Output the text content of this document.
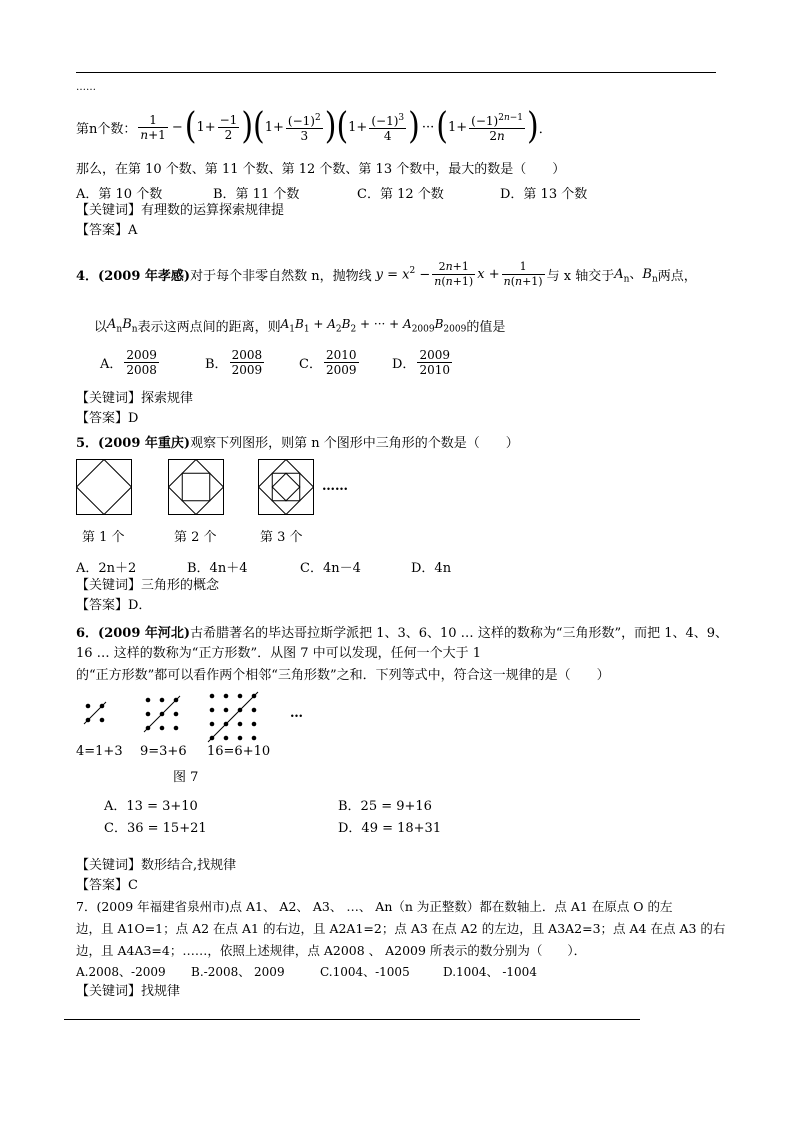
……
第n个数： $\frac{1}{n+1}$ − ( $1+ \frac{-1}{2}$ ) ( $1+ \frac{(-1)^2}{3}$ ) ( $1+ \frac{(-1)^3}{4}$ ) ··· ( $1+ \frac{(-1)^{2n-1}}{2n}$ ) ．
那么，在第 10 个数、第 11 个数、第 12 个数、第 13 个数中，最大的数是（　　）
A．第 10 个数	B．第 11 个数	C．第 12 个数	D．第 13 个数
【关键词】有理数的运算探索规律提
【答案】A
4．(2009 年孝感) 对于每个非零自然数 n，抛物线 $y = x^2 - \frac{2n+1}{n(n+1)}$ $x + \frac{1}{n(n+1)}$ 与 x 轴交于 $A_n$、$B_n$ 两点，
以 $A_nB_n$ 表示这两点间的距离，则 $A_1B_1 + A_2B_2$ + ··· + $A_{2009}B_{2009}$ 的值是
A． $\frac{2009}{2008}$	B． $\frac{2008}{2009}$	C． $\frac{2010}{2009}$	D． $\frac{2009}{2010}$
【关键词】探索规律
【答案】D
5．(2009 年重庆)观察下列图形，则第 n 个图形中三角形的个数是（　　）
……
第 1 个	第 2 个	第 3 个
A．2n＋2	B．4n＋4	C．4n－4	D．4n
【关键词】三角形的概念
【答案】D．
6．(2009 年河北)古希腊著名的毕达哥拉斯学派把 1、3、6、10 … 这样的数称为“三角形数”，而把 1、4、9、
16 … 这样的数称为“正方形数”．从图 7 中可以发现，任何一个大于 1
的“正方形数”都可以看作两个相邻“三角形数”之和．下列等式中，符合这一规律的是（　　）
…
4=1+3 9=3+6 16=6+10
图 7
A．13 = 3+10	B．25 = 9+16
C．36 = 15+21	D．49 = 18+31
【关键词】数形结合,找规律
【答案】C
7．(2009 年福建省泉州市)点 A1、 A2、 A3、 …、 An（n 为正整数）都在数轴上．点 A1 在原点 O 的左
边，且 A1O=1；点 A2 在点 A1 的右边，且 A2A1=2；点 A3 在点 A2 的左边，且 A3A2=3；点 A4 在点 A3 的右
边，且 A4A3=4；……，依照上述规律，点 A2008 、 A2009 所表示的数分别为（　　）．
A.2008、-2009 B.-2008、 2009	C.1004、-1005	D.1004、 -1004
【关键词】找规律
